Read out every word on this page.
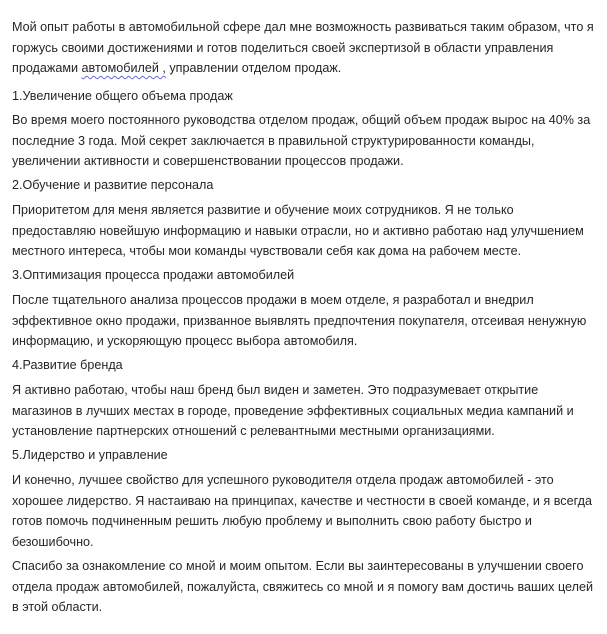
Мой опыт работы в автомобильной сфере дал мне возможность развиваться таким образом, что я
горжусь своими достижениями и готов поделиться своей экспертизой в области управления
продажами автомобилей , управлении отделом продаж.
1.Увеличение общего объема продаж
Во время моего постоянного руководства отделом продаж, общий объем продаж вырос на 40% за
последние 3 года. Мой секрет заключается в правильной структурированности команды,
увеличении активности и совершенствовании процессов продажи.
2.Обучение и развитие персонала
Приоритетом для меня является развитие и обучение моих сотрудников. Я не только
предоставляю новейшую информацию и навыки отрасли, но и активно работаю над улучшением
местного интереса, чтобы мои команды чувствовали себя как дома на рабочем месте.
3.Оптимизация процесса продажи автомобилей
После тщательного анализа процессов продажи в моем отделе, я разработал и внедрил
эффективное окно продажи, призванное выявлять предпочтения покупателя, отсеивая ненужную
информацию, и ускоряющую процесс выбора автомобиля.
4.Развитие бренда
Я активно работаю, чтобы наш бренд был виден и заметен. Это подразумевает открытие
магазинов в лучших местах в городе, проведение эффективных социальных медиа кампаний и
установление партнерских отношений с релевантными местными организациями.
5.Лидерство и управление
И конечно, лучшее свойство для успешного руководителя отдела продаж автомобилей - это
хорошее лидерство. Я настаиваю на принципах, качестве и честности в своей команде, и я всегда
готов помочь подчиненным решить любую проблему и выполнить свою работу быстро и
безошибочно.
Спасибо за ознакомление со мной и моим опытом. Если вы заинтересованы в улучшении своего
отдела продаж автомобилей, пожалуйста, свяжитесь со мной и я помогу вам достичь ваших целей
в этой области.
